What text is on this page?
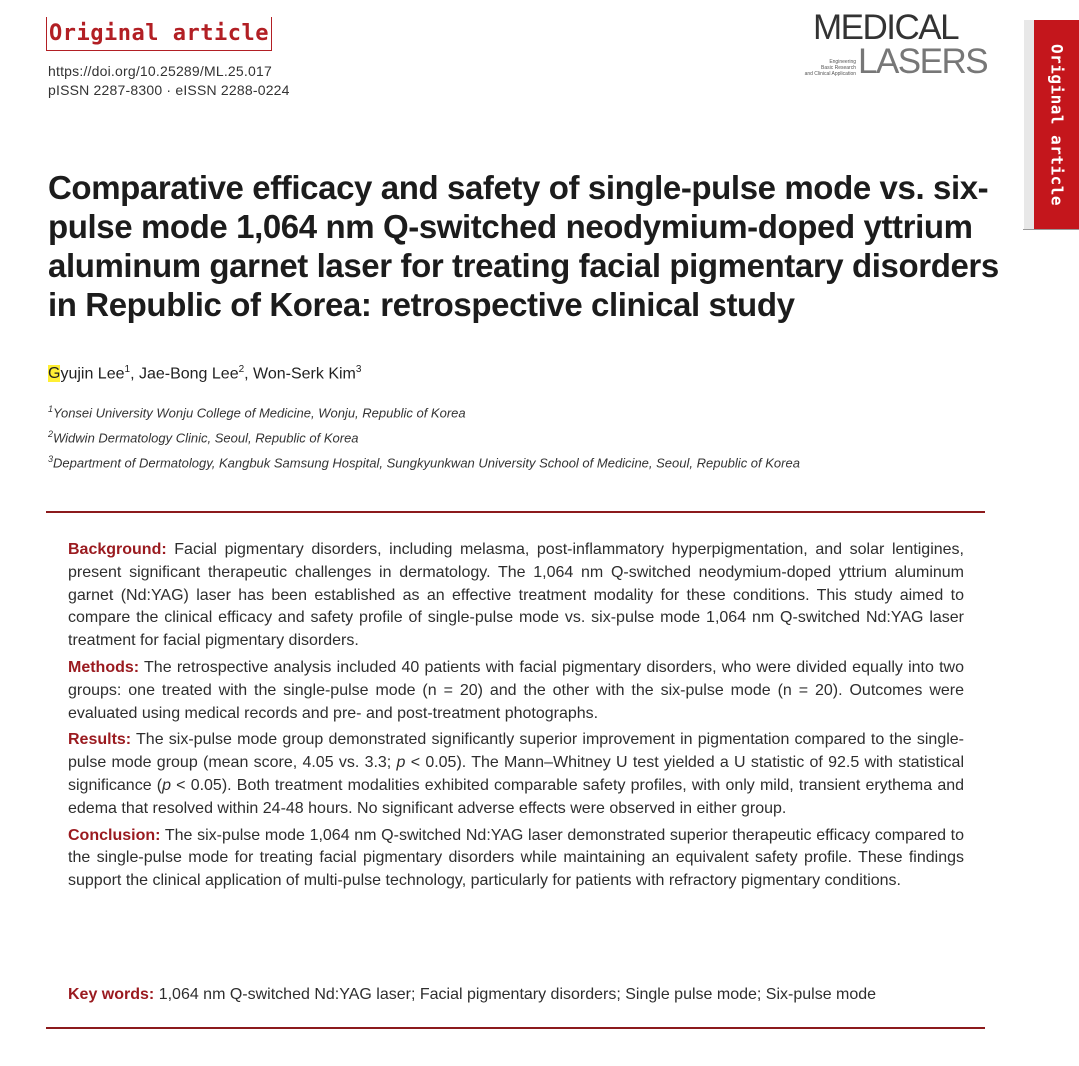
Original article
https://doi.org/10.25289/ML.25.017
pISSN 2287-8300 · eISSN 2288-0224
MEDICAL
LASERS
Engineering
Basic Research
and Clinical Application	Original article
Comparative efficacy and safety of single-pulse mode vs. six-pulse mode 1,064 nm Q-switched neodymium-doped yttrium aluminum garnet laser for treating facial pigmentary disorders in Republic of Korea: retrospective clinical study
Gyujin Lee$^1$, Jae-Bong Lee$^2$, Won-Serk Kim$^3$
$^1$Yonsei University Wonju College of Medicine, Wonju, Republic of Korea
$^2$Widwin Dermatology Clinic, Seoul, Republic of Korea
$^3$Department of Dermatology, Kangbuk Samsung Hospital, Sungkyunkwan University School of Medicine, Seoul, Republic of Korea

Background: Facial pigmentary disorders, including melasma, post-inflammatory hyperpigmentation, and solar lentigines, present significant therapeutic challenges in dermatology. The 1,064 nm Q-switched neodymium-doped yttrium aluminum garnet (Nd:YAG) laser has been established as an effective treatment modality for these conditions. This study aimed to compare the clinical efficacy and safety profile of single-pulse mode vs. six-pulse mode 1,064 nm Q-switched Nd:YAG laser treatment for facial pigmentary disorders.

Methods: The retrospective analysis included 40 patients with facial pigmentary disorders, who were divided equally into two groups: one treated with the single-pulse mode (n = 20) and the other with the six-pulse mode (n = 20). Outcomes were evaluated using medical records and pre- and post-treatment photographs.

Results: The six-pulse mode group demonstrated significantly superior improvement in pigmentation compared to the single-pulse mode group (mean score, 4.05 vs. 3.3; p < 0.05). The Mann–Whitney U test yielded a U statistic of 92.5 with statistical significance (p < 0.05). Both treatment modalities exhibited comparable safety profiles, with only mild, transient erythema and edema that resolved within 24-48 hours. No significant adverse effects were observed in either group.

Conclusion: The six-pulse mode 1,064 nm Q-switched Nd:YAG laser demonstrated superior therapeutic efficacy compared to the single-pulse mode for treating facial pigmentary disorders while maintaining an equivalent safety profile. These findings support the clinical application of multi-pulse technology, particularly for patients with refractory pigmentary conditions.

Key words: 1,064 nm Q-switched Nd:YAG laser; Facial pigmentary disorders; Single pulse mode; Six-pulse mode
